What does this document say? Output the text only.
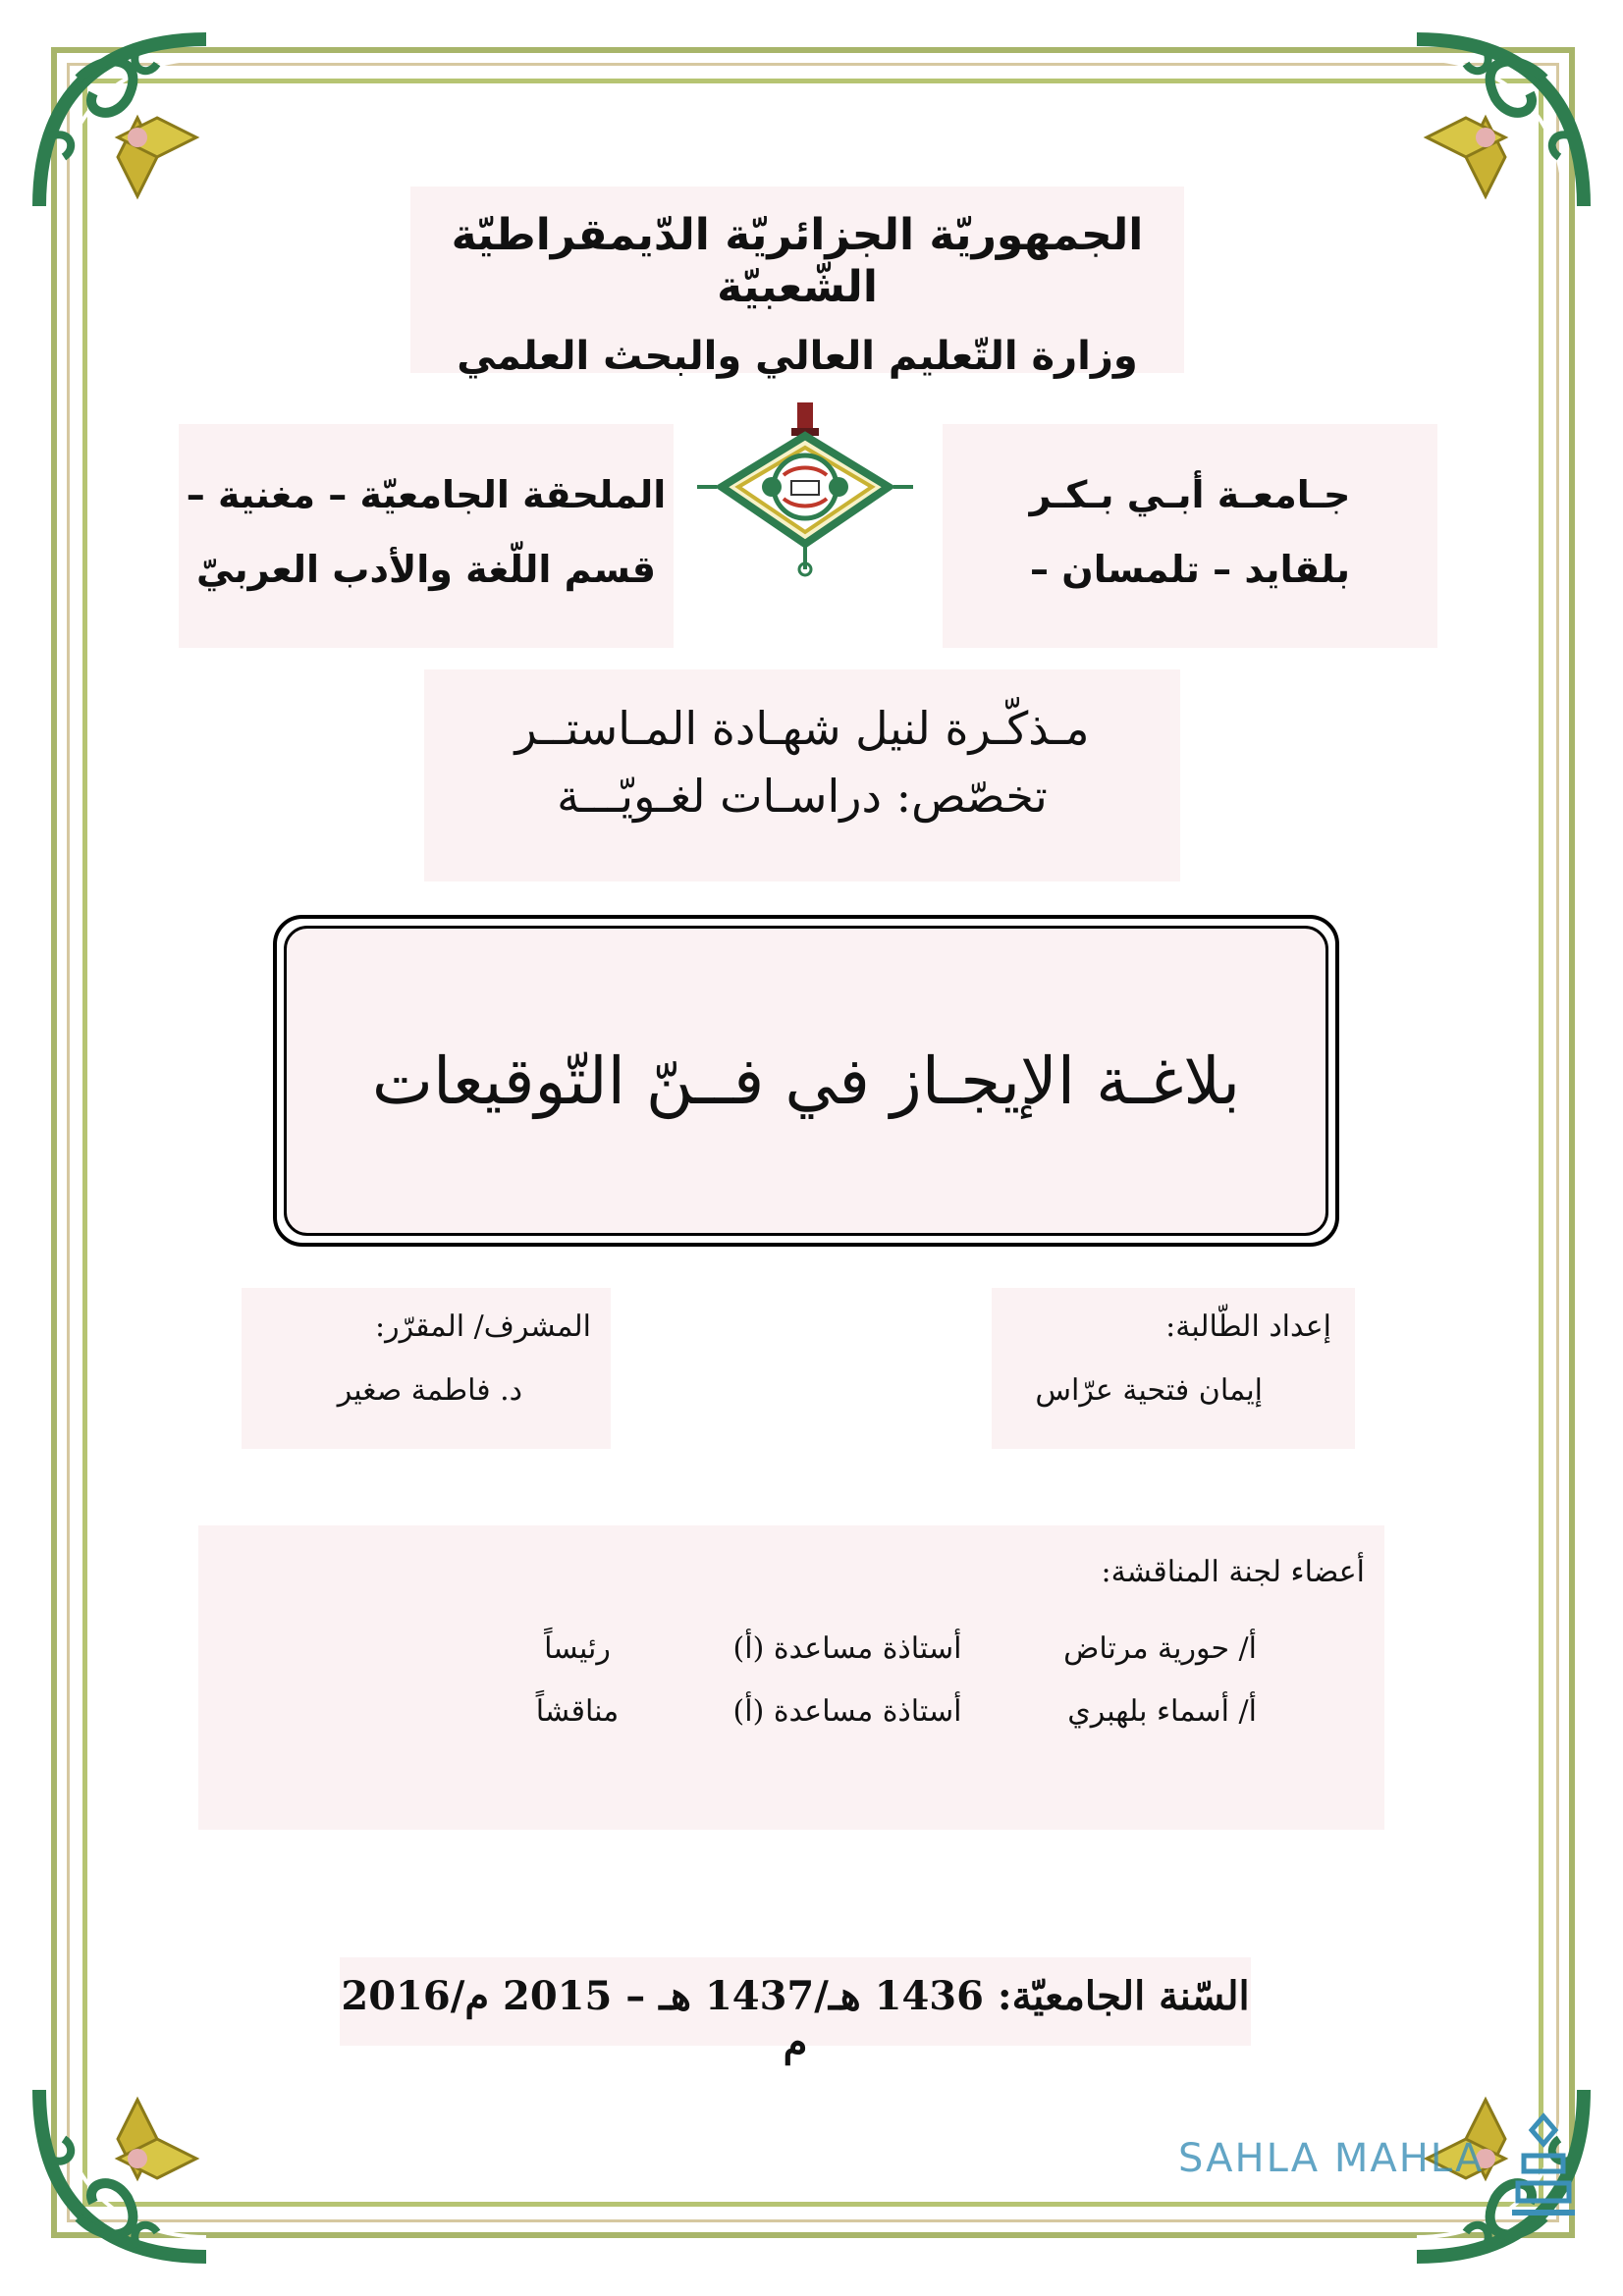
الجمهوريّة الجزائريّة الدّيمقراطيّة الشّعبيّة
وزارة التّعليم العالي والبحث العلمي
جـامعـة أبـي بـكـر
بلقايد – تلمسان –
الملحقة الجامعيّة – مغنية –
قسم اللّغة والأدب العربيّ
مـذكّـرة لنيل شهـادة المـاستــر
تخصّص: دراسـات لغـويّـــة
بلاغـة الإيجـاز في فــنّ التّوقيعات
إعداد الطّالبة:
إيمان فتحية عرّاس
المشرف/ المقرّر:
د. فاطمة صغير
أعضاء لجنة المناقشة:
أ/ حورية مرتاض
أستاذة مساعدة (أ)
رئيساً
أ/ أسماء بلهبري
أستاذة مساعدة (أ)
مناقشاً
السّنة الجامعيّة: 1436 هـ/1437 هـ – 2015 م/2016 م
SAHLA MAHLA
